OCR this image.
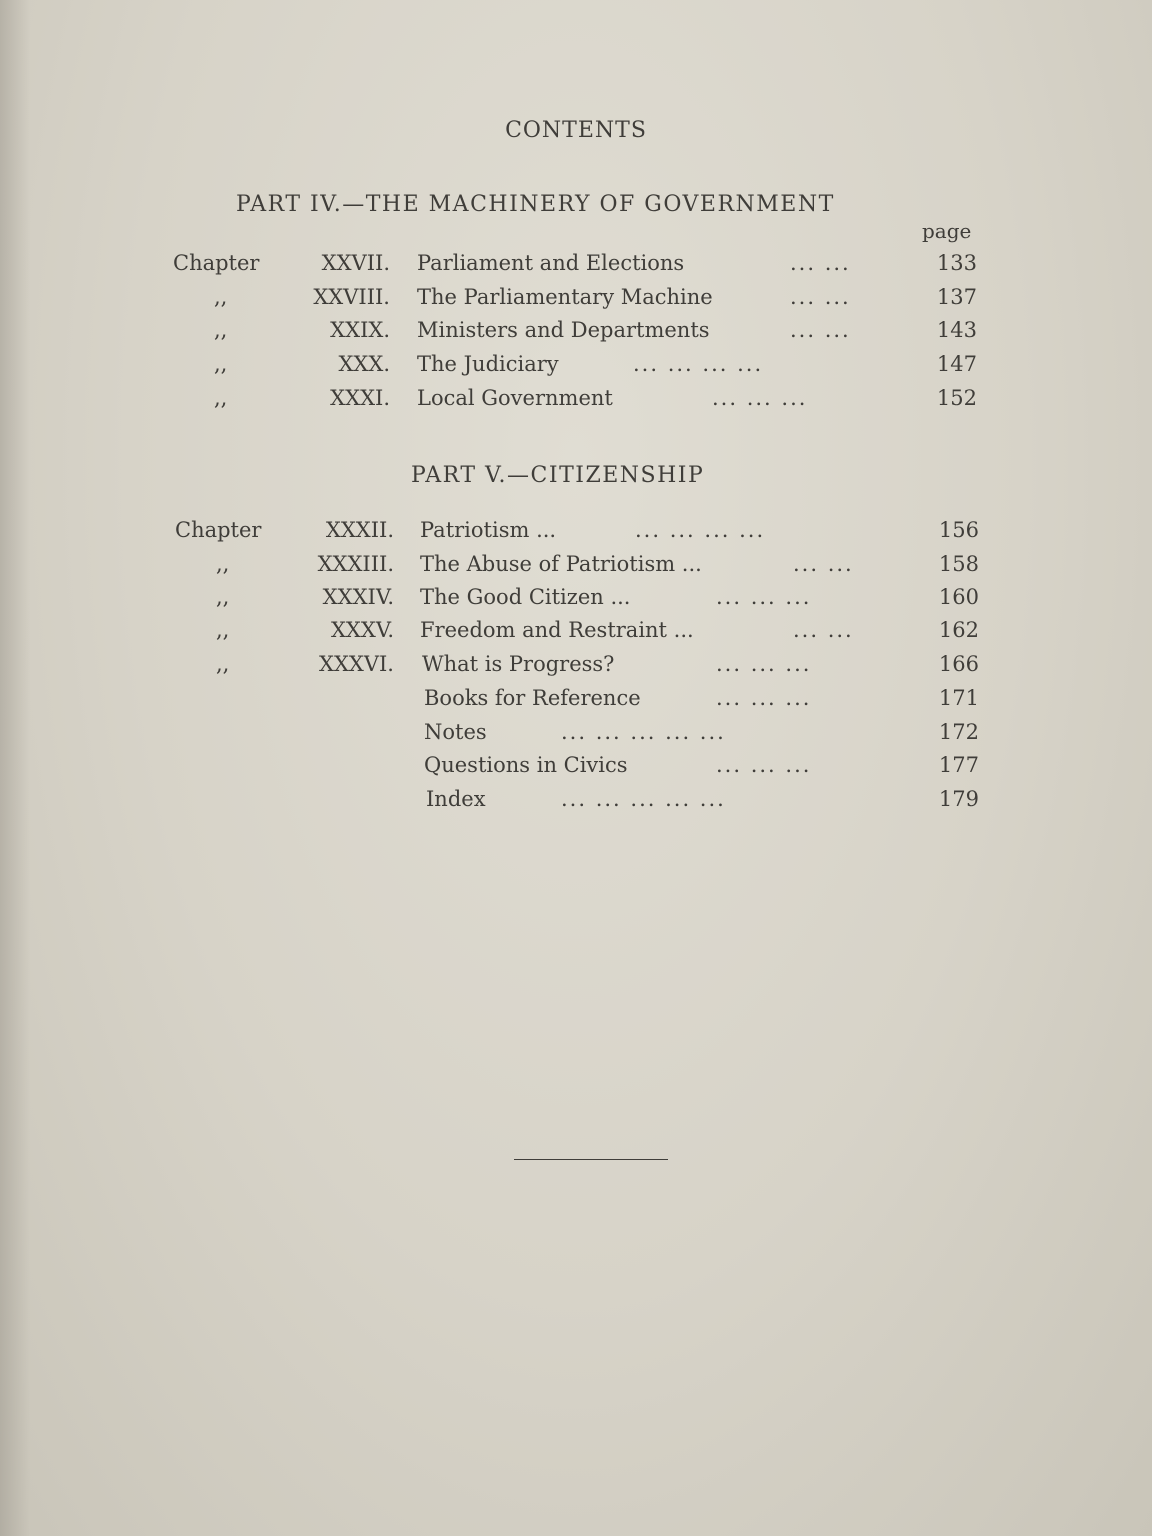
CONTENTS
PART IV.—THE MACHINERY OF GOVERNMENT
page
Chapter	XXVII. Parliament and Elections	... ...	133
,,	XXVIII. The Parliamentary Machine	... ...	137
,,	XXIX. Ministers and Departments	... ...	143
,,	XXX. The Judiciary	... ... ... ...	147
,,	XXXI. Local Government	... ... ...	152
PART V.—CITIZENSHIP
Chapter	XXXII. Patriotism ...	... ... ... ...	156
,,	XXXIII. The Abuse of Patriotism ...	... ...	158
,,	XXXIV. The Good Citizen ...	... ... ...	160
,,	XXXV. Freedom and Restraint ...	... ...	162
,,	XXXVI. What is Progress?	... ... ...	166
Books for Reference	... ... ...	171
Notes	... ... ... ... ...	172
Questions in Civics	... ... ...	177
Index	... ... ... ... ...	179
